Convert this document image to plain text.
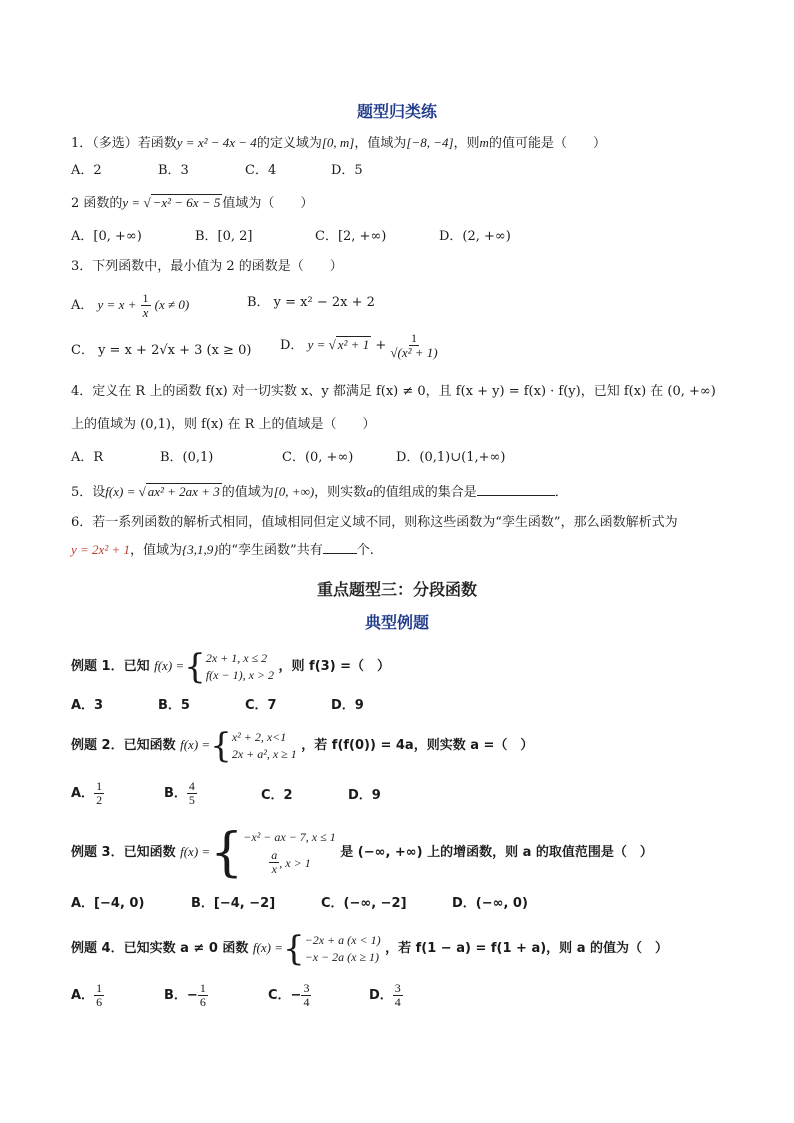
题型归类练
1．（多选）若函数y = x² − 4x − 4的定义域为[0, m]，值域为[−8, −4]，则m的值可能是（　　）
A．2	B．3	C．4	D．5
2 函数的y = √ −x² − 6x − 5 值域为（　　）
A．[0, +∞)	B．[0, 2]	C．[2, +∞)	D．(2, +∞)
3．下列函数中，最小值为 2 的函数是（　　）
A． $y = x + \frac{1}{x} (x \ne 0)$	B． y = x² − 2x + 2
C． y = x + 2√x + 3 (x ≥ 0) D． y = √ $x^2 + 1 + \frac{1}{\text{√(x² + 1)}}$
4．定义在 R 上的函数 f(x) 对一切实数 x、y 都满足 f(x) ≠ 0，且 f(x + y) = f(x) · f(y)，已知 f(x) 在 (0, +∞)
上的值域为 (0,1)，则 f(x) 在 R 上的值域是（　　）
A．R	B．(0,1)	C．(0, +∞)	D．(0,1)∪(1,+∞)
5．设f(x) = √ ax² + 2ax + 3 的值域为[0, +∞)，则实数a的值组成的集合是	．
6．若一系列函数的解析式相同，值域相同但定义域不同，则称这些函数为“孪生函数”，那么函数解析式为
y = 2x² + 1，值域为{3,1,9}的“孪生函数”共有	个.
重点题型三：分段函数
典型例题
例题 1．已知 f(x) ={ 2x + 1, x ≤ 2
f(x − 1), x > 2
，则 f(3) =（　）
A．3	B．5	C．7	D．9
例题 2．已知函数 f(x) ={ x² + 2, x<1
2x + a², x ≥ 1
，若 f(f(0)) = 4a，则实数 a =（　）
A． $\frac{1}{2}$	B． $\frac{4}{5}$	C．2	D．9
例题 3．已知函数 f(x) ={ −x² − ax − 7, x ≤ 1
$\frac{a}{x}$ , x > 1
是 (−∞, +∞) 上的增函数，则 a 的取值范围是（　）
A．[−4, 0)	B．[−4, −2]	C．(−∞, −2]	D．(−∞, 0)
例题 4．已知实数 a ≠ 0 函数 f(x) ={ −2x + a (x < 1)
−x − 2a (x ≥ 1)
，若 f(1 − a) = f(1 + a)，则 a 的值为（　）
A． $\frac{1}{6}$	B．− $\frac{1}{6}$	C．− $\frac{3}{4}$	D． $\frac{3}{4}$
